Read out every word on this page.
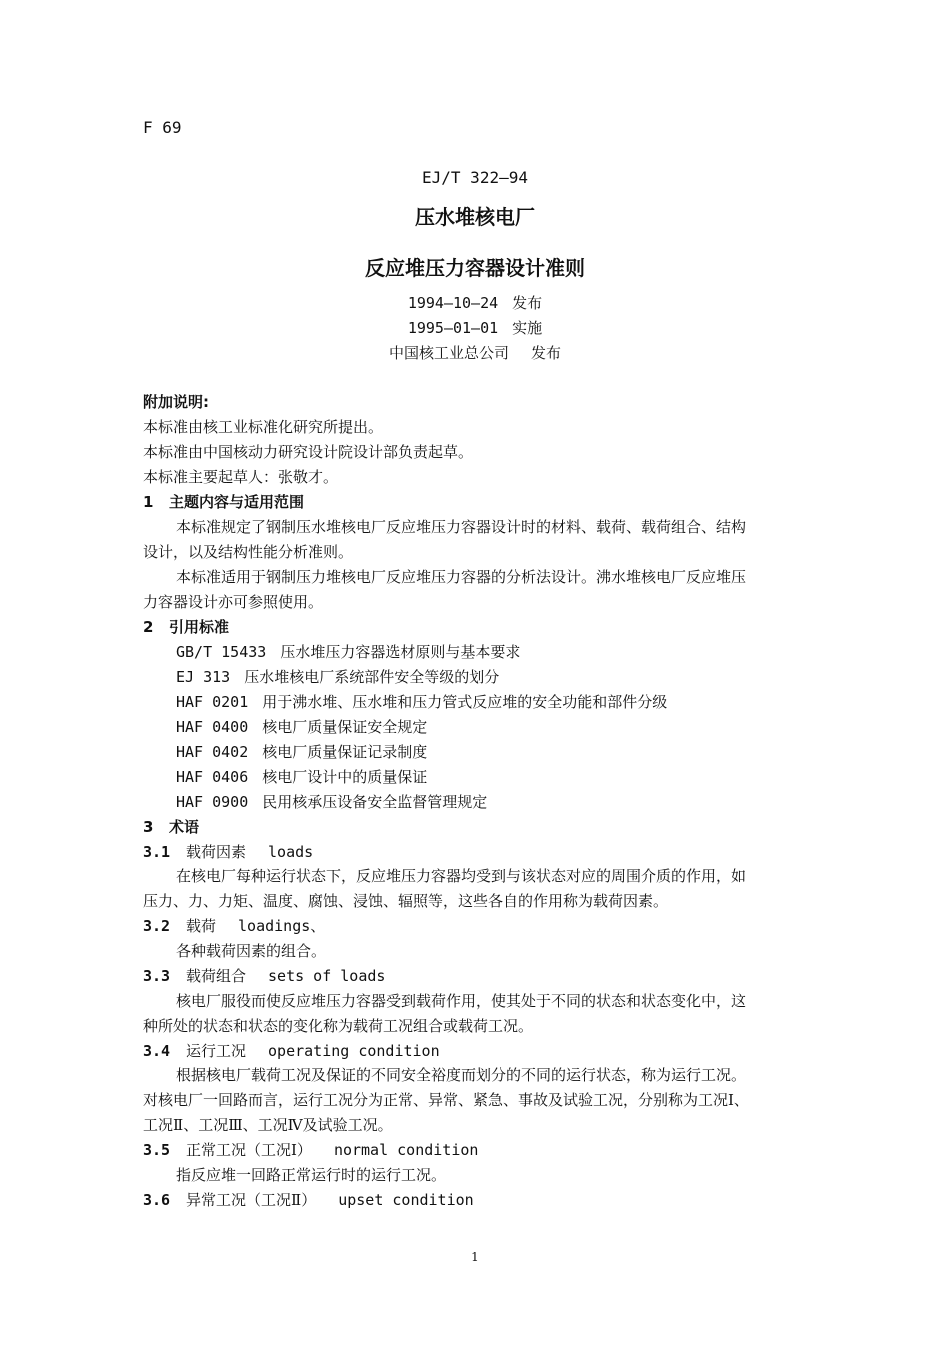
F 69
EJ/T 322—94
压水堆核电厂
反应堆压力容器设计准则
1994—10—24 发布
1995—01—01 实施
中国核工业总公司 发布
附加说明:
本标准由核工业标准化研究所提出。
本标准由中国核动力研究设计院设计部负责起草。
本标准主要起草人：张敬才。
1 主题内容与适用范围
本标准规定了钢制压水堆核电厂反应堆压力容器设计时的材料、载荷、载荷组合、结构
设计，以及结构性能分析准则。
本标准适用于钢制压力堆核电厂反应堆压力容器的分析法设计。沸水堆核电厂反应堆压
力容器设计亦可参照使用。
2 引用标准
GB/T 15433 压水堆压力容器选材原则与基本要求
EJ 313 压水堆核电厂系统部件安全等级的划分
HAF 0201 用于沸水堆、压水堆和压力管式反应堆的安全功能和部件分级
HAF 0400 核电厂质量保证安全规定
HAF 0402 核电厂质量保证记录制度
HAF 0406 核电厂设计中的质量保证
HAF 0900 民用核承压设备安全监督管理规定
3 术语
3.1 载荷因素 loads
在核电厂每种运行状态下，反应堆压力容器均受到与该状态对应的周围介质的作用，如
压力、力、力矩、温度、腐蚀、浸蚀、辐照等，这些各自的作用称为载荷因素。
3.2 载荷 loadings、
各种载荷因素的组合。
3.3 载荷组合 sets of loads
核电厂服役而使反应堆压力容器受到载荷作用，使其处于不同的状态和状态变化中，这
种所处的状态和状态的变化称为载荷工况组合或载荷工况。
3.4 运行工况 operating condition
根据核电厂载荷工况及保证的不同安全裕度而划分的不同的运行状态，称为运行工况。
对核电厂一回路而言，运行工况分为正常、异常、紧急、事故及试验工况，分别称为工况Ⅰ、
工况Ⅱ、工况Ⅲ、工况Ⅳ及试验工况。
3.5 正常工况（工况Ⅰ） normal condition
指反应堆一回路正常运行时的运行工况。
3.6 异常工况（工况Ⅱ） upset condition
1
